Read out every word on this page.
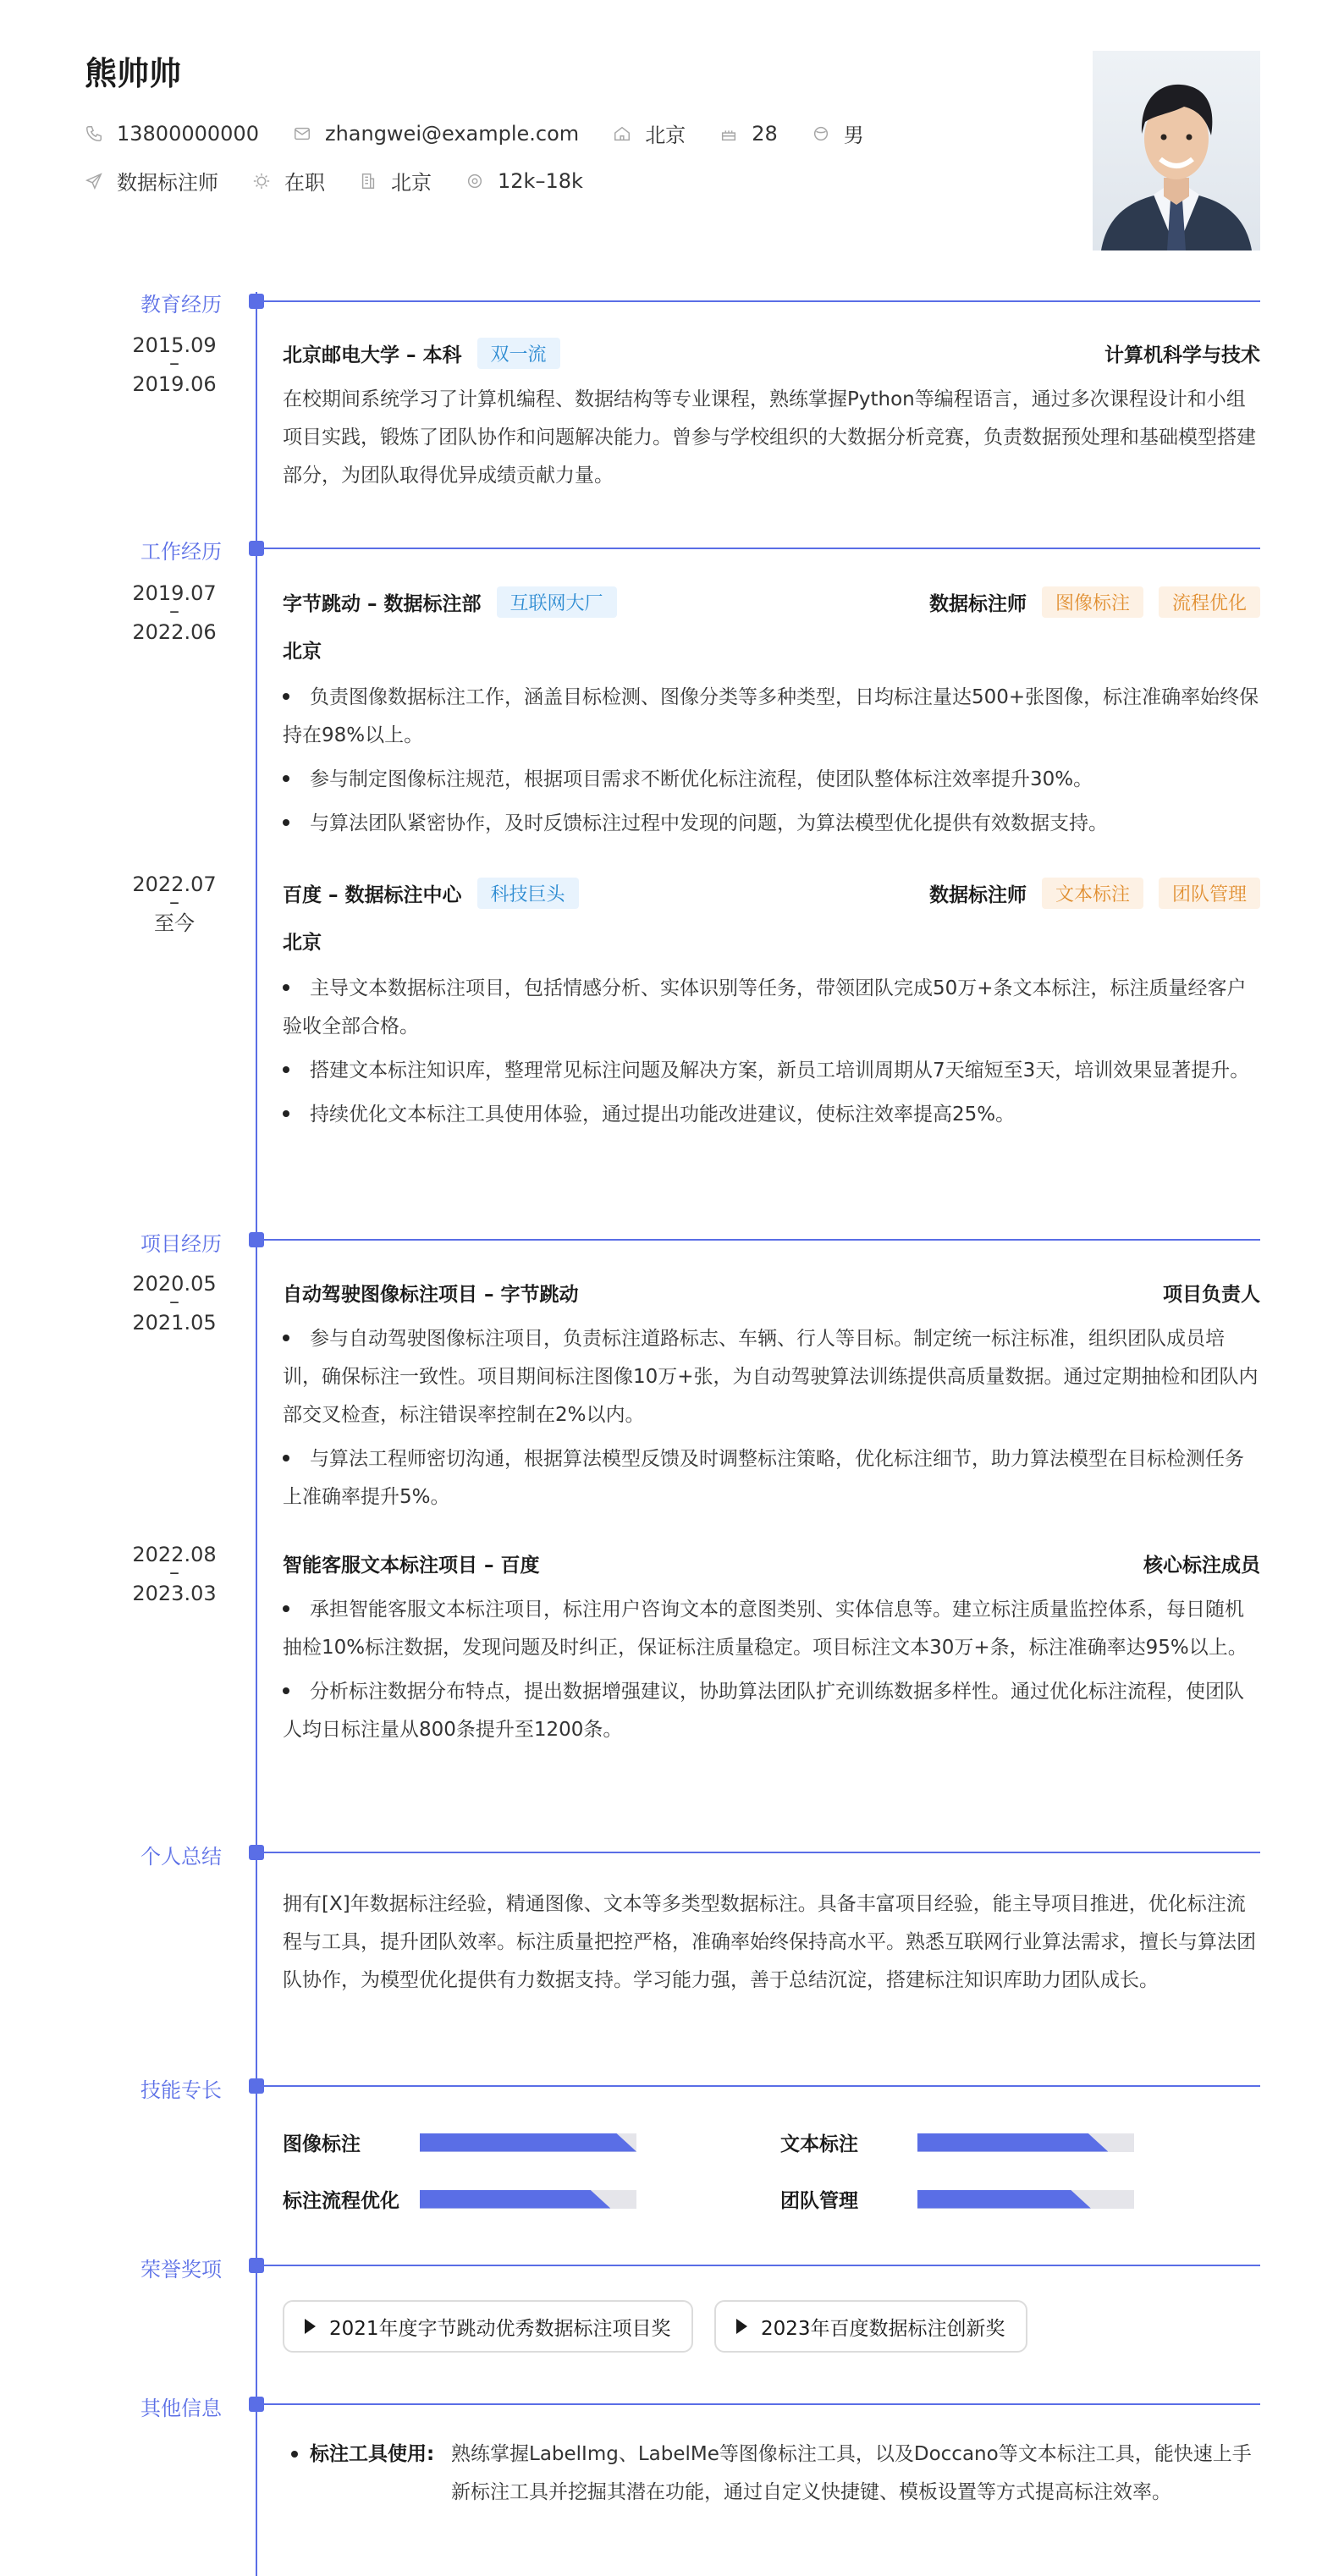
熊帅帅
13800000000	zhangwei@example.com	北京	28	男
数据标注师	在职	北京	12k–18k
教育经历
2015.09
–
2019.06
北京邮电大学 – 本科	双一流	计算机科学与技术
在校期间系统学习了计算机编程、数据结构等专业课程，熟练掌握Python等编程语言，通过多次课程设计和小组项目实践，锻炼了团队协作和问题解决能力。曾参与学校组织的大数据分析竞赛，负责数据预处理和基础模型搭建部分，为团队取得优异成绩贡献力量。
工作经历
2019.07
–
2022.06
字节跳动 – 数据标注部	互联网大厂	数据标注师	图像标注	流程优化
北京
负责图像数据标注工作，涵盖目标检测、图像分类等多种类型，日均标注量达500+张图像，标注准确率始终保持在98%以上。
参与制定图像标注规范，根据项目需求不断优化标注流程，使团队整体标注效率提升30%。
与算法团队紧密协作，及时反馈标注过程中发现的问题，为算法模型优化提供有效数据支持。
2022.07
–
至今
百度 – 数据标注中心	科技巨头	数据标注师	文本标注	团队管理
北京
主导文本数据标注项目，包括情感分析、实体识别等任务，带领团队完成50万+条文本标注，标注质量经客户验收全部合格。
搭建文本标注知识库，整理常见标注问题及解决方案，新员工培训周期从7天缩短至3天，培训效果显著提升。
持续优化文本标注工具使用体验，通过提出功能改进建议，使标注效率提高25%。
项目经历
2020.05
–
2021.05
自动驾驶图像标注项目 – 字节跳动	项目负责人
参与自动驾驶图像标注项目，负责标注道路标志、车辆、行人等目标。制定统一标注标准，组织团队成员培训，确保标注一致性。项目期间标注图像10万+张，为自动驾驶算法训练提供高质量数据。通过定期抽检和团队内部交叉检查，标注错误率控制在2%以内。
与算法工程师密切沟通，根据算法模型反馈及时调整标注策略，优化标注细节，助力算法模型在目标检测任务上准确率提升5%。
2022.08
–
2023.03
智能客服文本标注项目 – 百度	核心标注成员
承担智能客服文本标注项目，标注用户咨询文本的意图类别、实体信息等。建立标注质量监控体系，每日随机抽检10%标注数据，发现问题及时纠正，保证标注质量稳定。项目标注文本30万+条，标注准确率达95%以上。
分析标注数据分布特点，提出数据增强建议，协助算法团队扩充训练数据多样性。通过优化标注流程，使团队人均日标注量从800条提升至1200条。
个人总结
拥有[X]年数据标注经验，精通图像、文本等多类型数据标注。具备丰富项目经验，能主导项目推进，优化标注流程与工具，提升团队效率。标注质量把控严格，准确率始终保持高水平。熟悉互联网行业算法需求，擅长与算法团队协作，为模型优化提供有力数据支持。学习能力强，善于总结沉淀，搭建标注知识库助力团队成长。
技能专长
图像标注	文本标注
标注流程优化	团队管理
荣誉奖项
2021年度字节跳动优秀数据标注项目奖	2023年百度数据标注创新奖
其他信息
标注工具使用: 熟练掌握LabelImg、LabelMe等图像标注工具，以及Doccano等文本标注工具，能快速上手新标注工具并挖掘其潜在功能，通过自定义快捷键、模板设置等方式提高标注效率。
